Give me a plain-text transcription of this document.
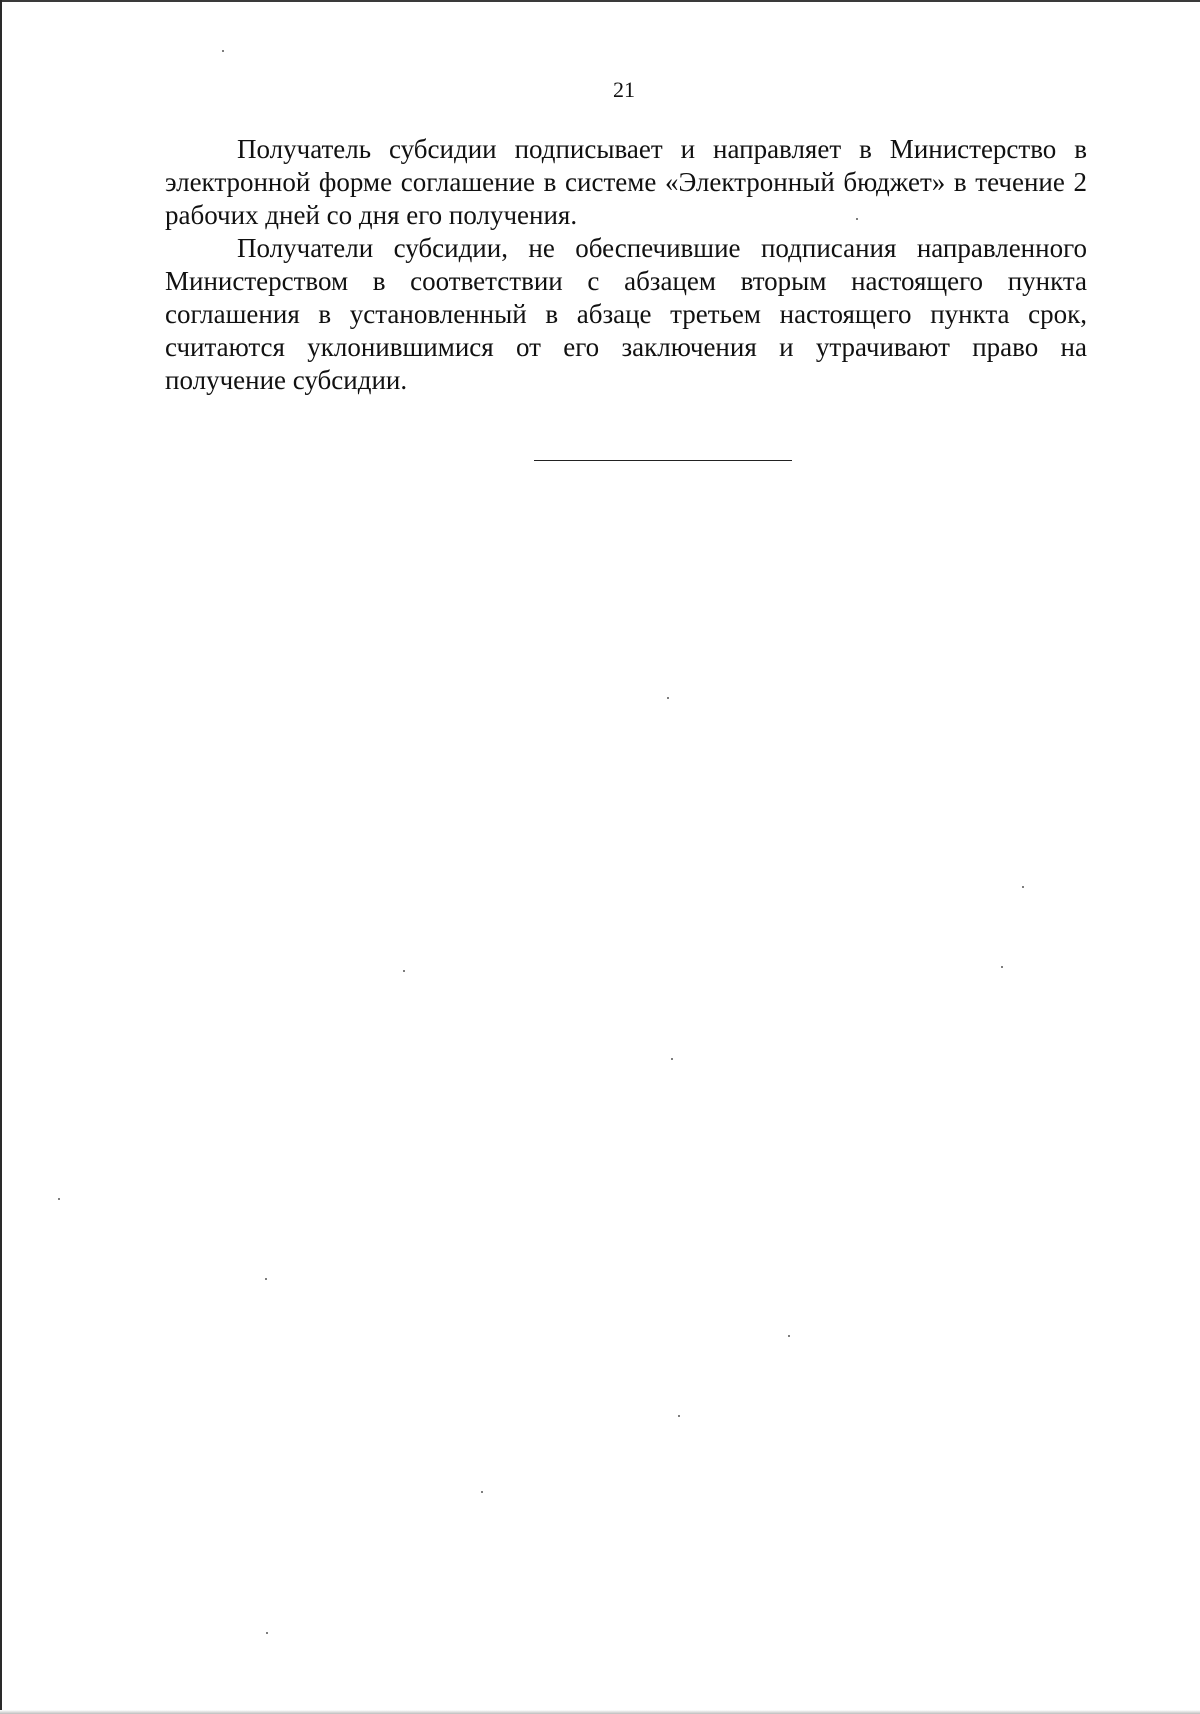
21

Получатель субсидии подписывает и направляет в Министерство в электронной форме соглашение в системе «Электронный бюджет» в течение 2 рабочих дней со дня его получения.

Получатели субсидии, не обеспечившие подписания направленного Министерством в соответствии с абзацем вторым настоящего пункта соглашения в установленный в абзаце третьем настоящего пункта срок, считаются уклонившимися от его заключения и утрачивают право на получение субсидии.
